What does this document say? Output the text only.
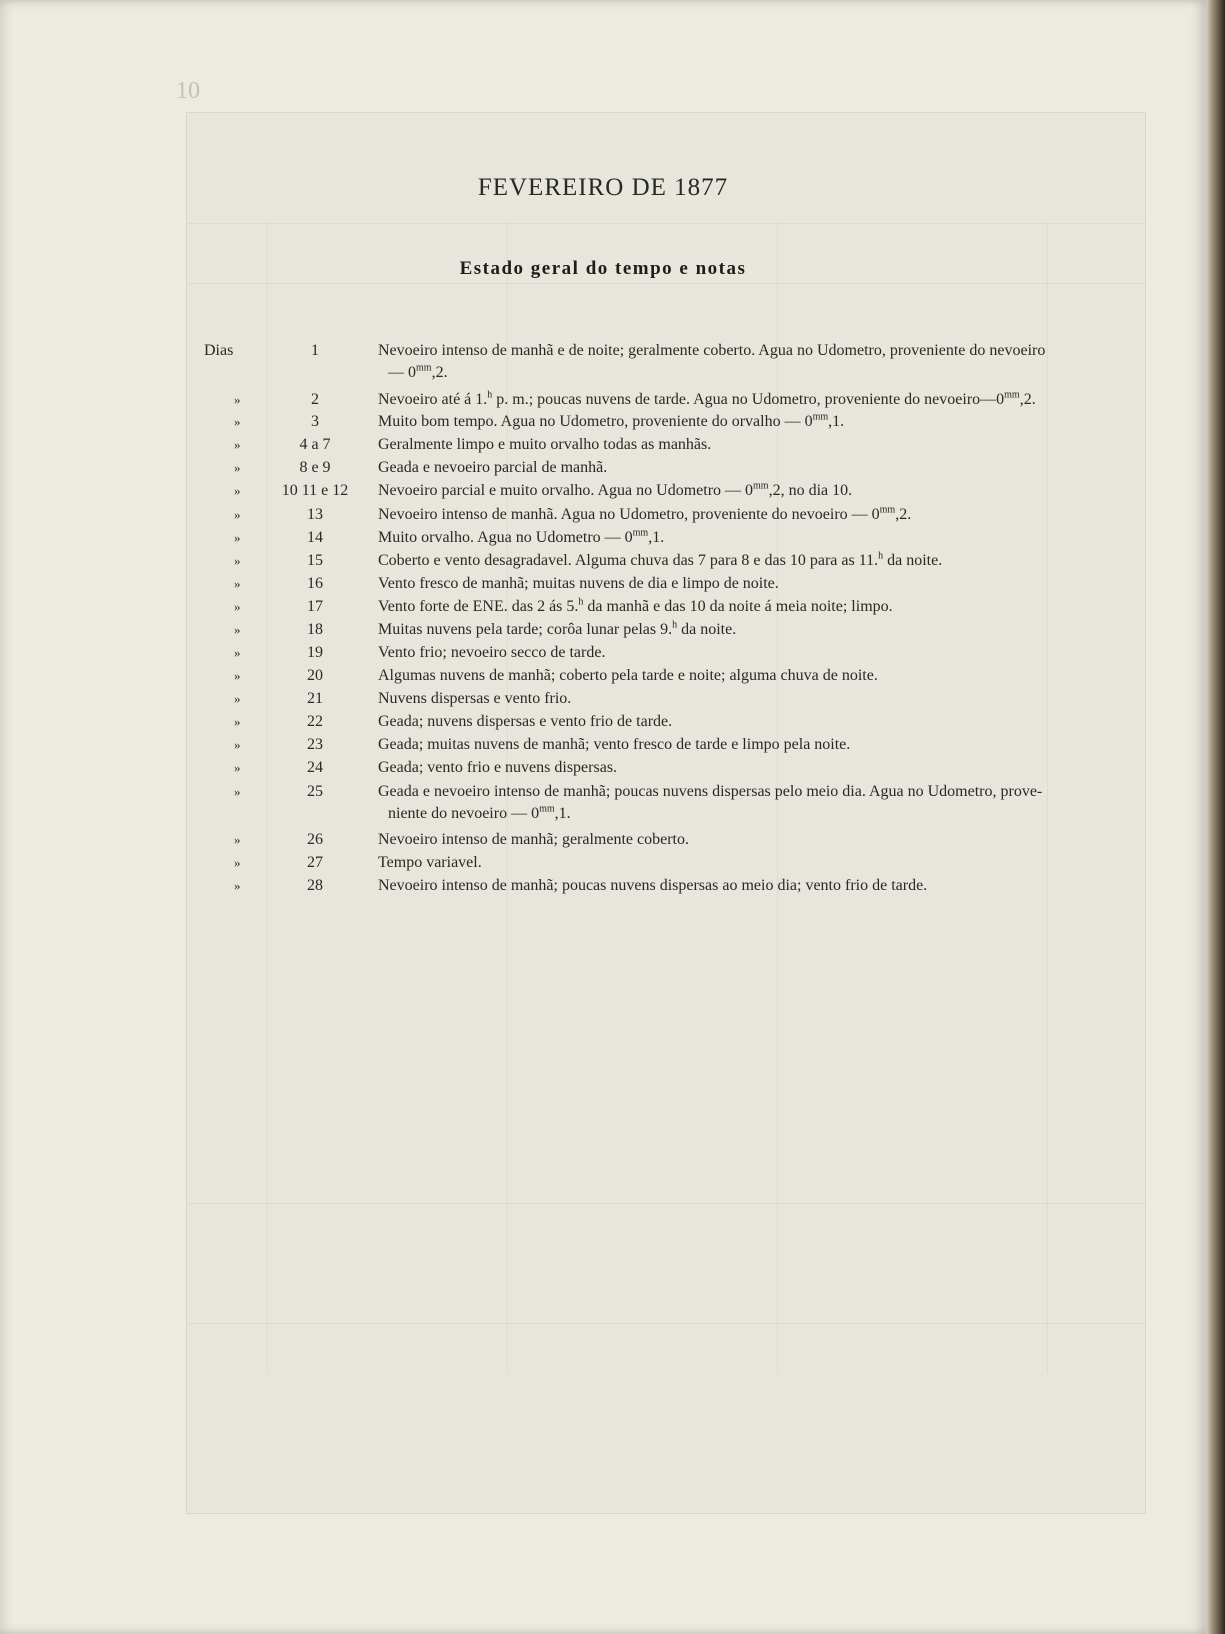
10
FEVEREIRO DE 1877
Estado geral do tempo e notas
Dias	1	Nevoeiro intenso de manhã e de noite; geralmente coberto. Agua no Udometro, proveniente do nevoeiro
— $0^{mm},2$.
»	2	Nevoeiro até á 1.$^h$ p. m.; poucas nuvens de tarde. Agua no Udometro, proveniente do $nevoeiro—0^{mm},2$.
»	3	Muito bom tempo. Agua no Udometro, proveniente do orvalho — $0^{mm},1$.
»	4 a 7	Geralmente limpo e muito orvalho todas as manhãs.
»	8 e 9	Geada e nevoeiro parcial de manhã.
»	10 11 e 12	Nevoeiro parcial e muito orvalho. Agua no Udometro — $0^{mm},2$, no dia 10.
»	13	Nevoeiro intenso de manhã. Agua no Udometro, proveniente do nevoeiro — $0^{mm},2$.
»	14	Muito orvalho. Agua no Udometro — $0^{mm},1$.
»	15	Coberto e vento desagradavel. Alguma chuva das 7 para 8 e das 10 para as 11.$^h$ da noite.
»	16	Vento fresco de manhã; muitas nuvens de dia e limpo de noite.
»	17	Vento forte de ENE. das 2 ás 5.$^h$ da manhã e das 10 da noite á meia noite; limpo.
»	18	Muitas nuvens pela tarde; corôa lunar pelas 9.$^h$ da noite.
»	19	Vento frio; nevoeiro secco de tarde.
»	20	Algumas nuvens de manhã; coberto pela tarde e noite; alguma chuva de noite.
»	21	Nuvens dispersas e vento frio.
»	22	Geada; nuvens dispersas e vento frio de tarde.
»	23	Geada; muitas nuvens de manhã; vento fresco de tarde e limpo pela noite.
»	24	Geada; vento frio e nuvens dispersas.
»	25	Geada e nevoeiro intenso de manhã; poucas nuvens dispersas pelo meio dia. Agua no Udometro, prove-
niente do nevoeiro — $0^{mm},1$.
»	26	Nevoeiro intenso de manhã; geralmente coberto.
»	27	Tempo variavel.
»	28	Nevoeiro intenso de manhã; poucas nuvens dispersas ao meio dia; vento frio de tarde.
